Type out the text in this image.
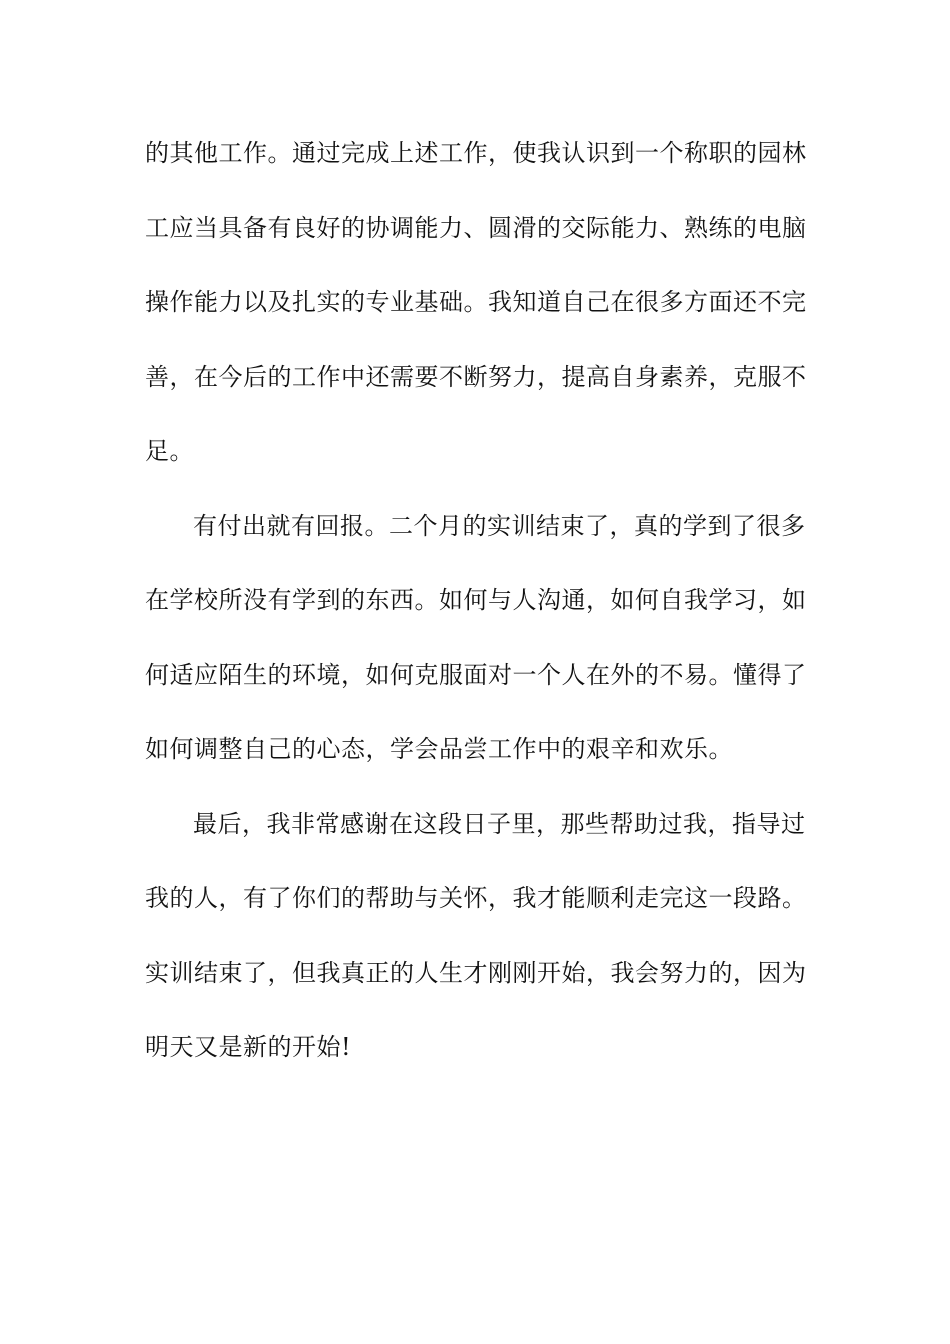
的其他工作。通过完成上述工作，使我认识到一个称职的园林
工应当具备有良好的协调能力、圆滑的交际能力、熟练的电脑
操作能力以及扎实的专业基础。我知道自己在很多方面还不完
善，在今后的工作中还需要不断努力，提高自身素养，克服不
足。
有付出就有回报。二个月的实训结束了，真的学到了很多
在学校所没有学到的东西。如何与人沟通，如何自我学习，如
何适应陌生的环境，如何克服面对一个人在外的不易。懂得了
如何调整自己的心态，学会品尝工作中的艰辛和欢乐。
最后，我非常感谢在这段日子里，那些帮助过我，指导过
我的人，有了你们的帮助与关怀，我才能顺利走完这一段路。
实训结束了，但我真正的人生才刚刚开始，我会努力的，因为
明天又是新的开始!
